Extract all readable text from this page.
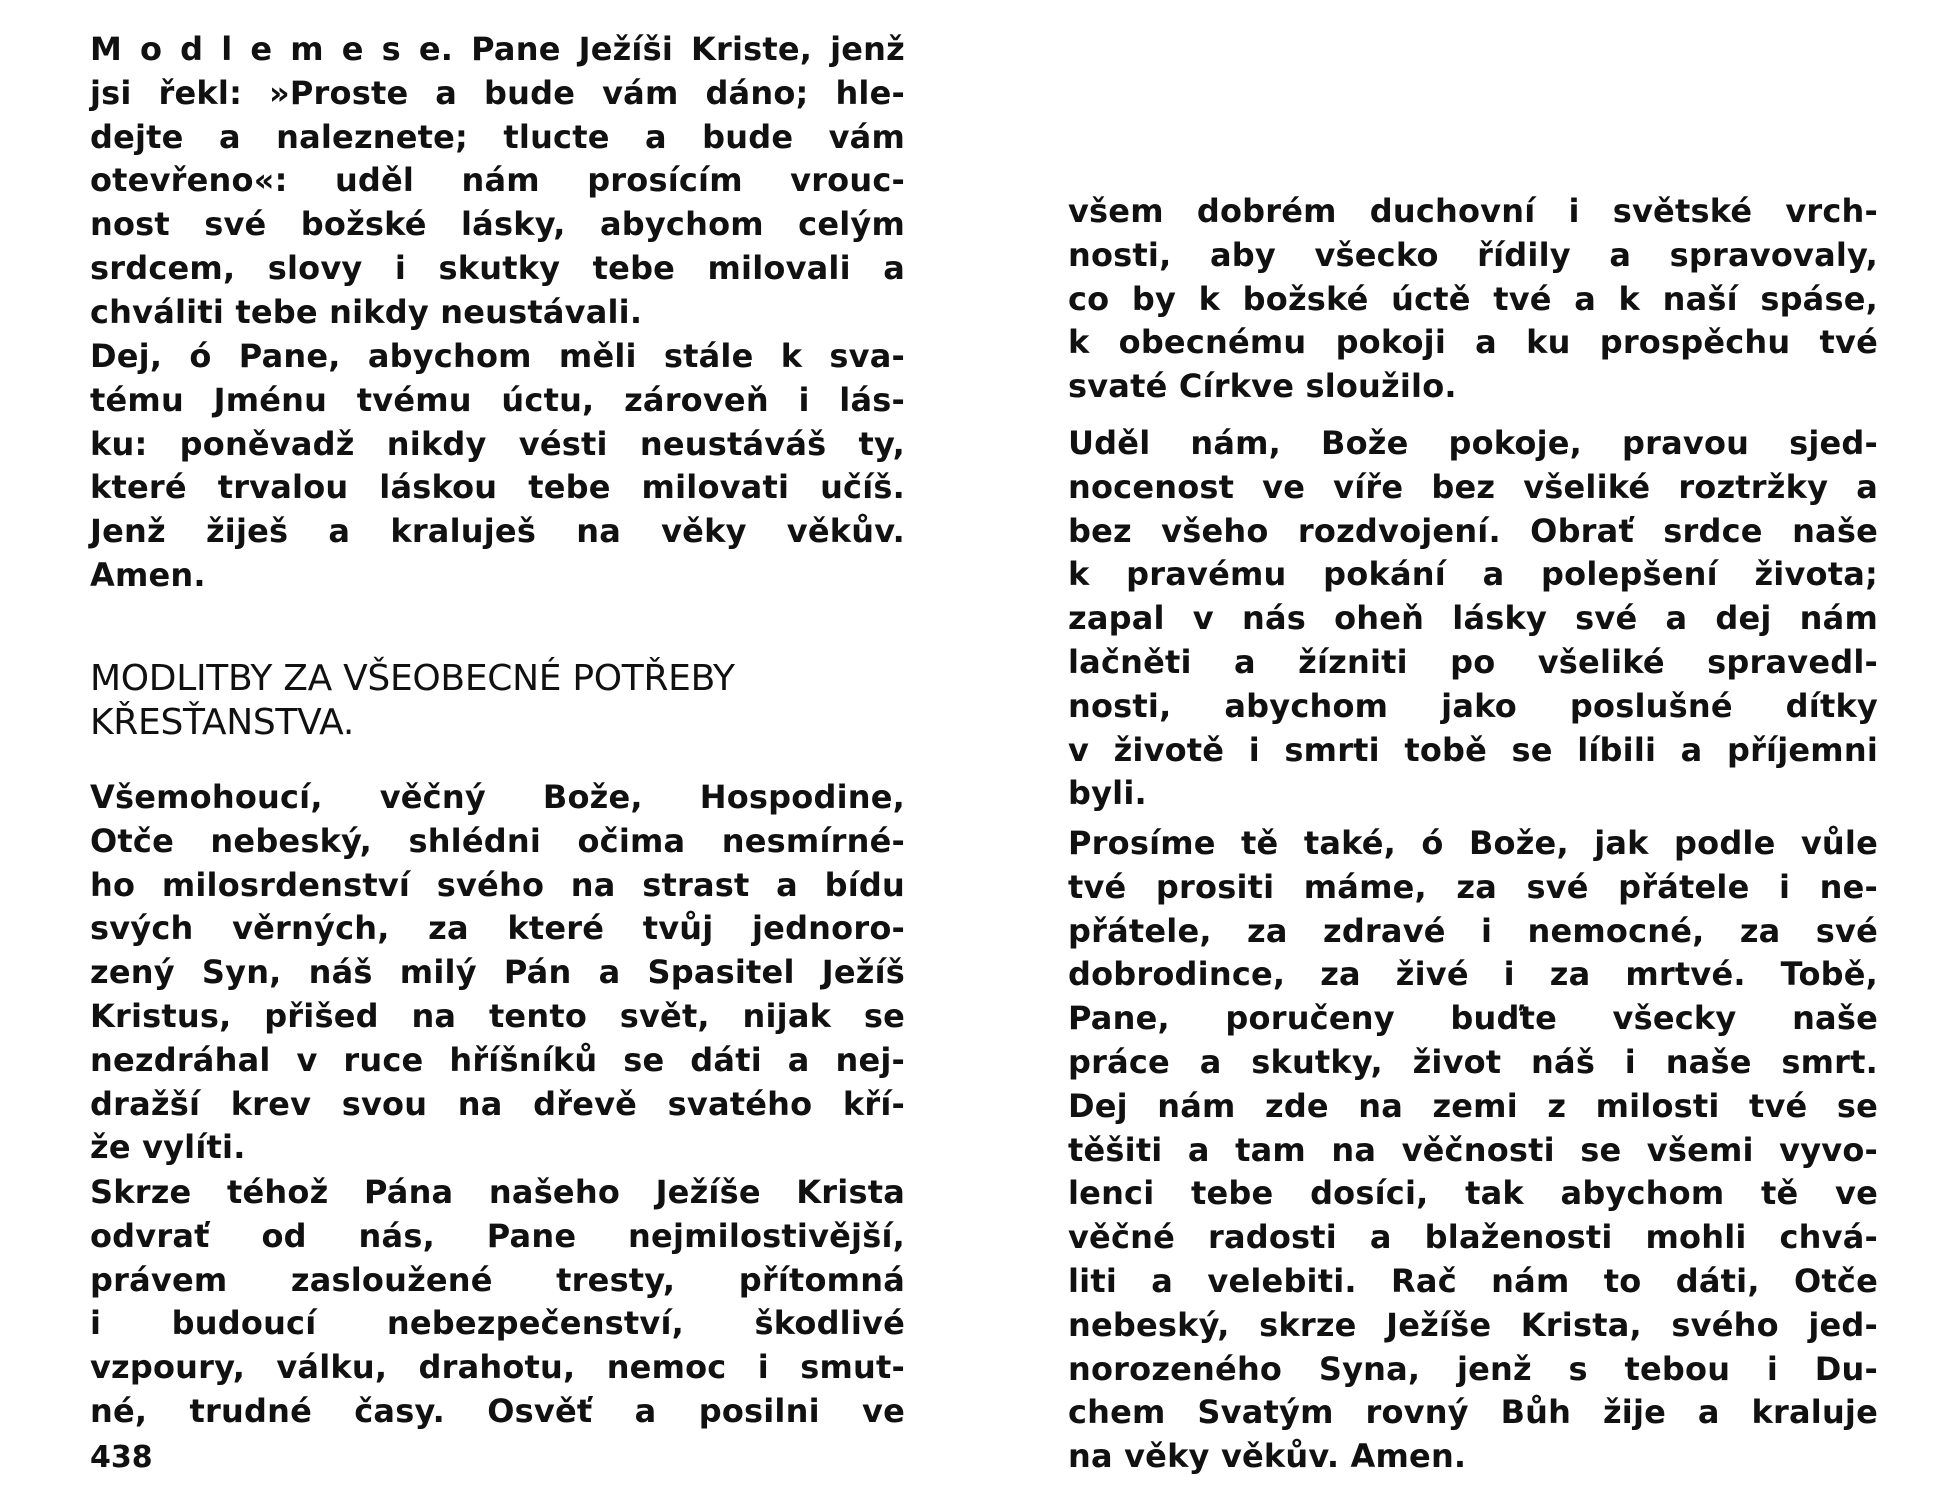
M o d l e m e s e. Pane Ježíši Kriste, jenž
jsi řekl: »Proste a bude vám dáno; hle-
dejte a naleznete; tlucte a bude vám
otevřeno«: uděl nám prosícím vrouc-
nost své božské lásky, abychom celým
srdcem, slovy i skutky tebe milovali a
chváliti tebe nikdy neustávali.
Dej, ó Pane, abychom měli stále k sva-
tému Jménu tvému úctu, zároveň i lás-
ku: poněvadž nikdy vésti neustáváš ty,
které trvalou láskou tebe milovati učíš.
Jenž žiješ a kraluješ na věky věkův.
Amen.
MODLITBY ZA VŠEOBECNÉ POTŘEBY
KŘESŤANSTVA.
Všemohoucí, věčný Bože, Hospodine,
Otče nebeský, shlédni očima nesmírné-
ho milosrdenství svého na strast a bídu
svých věrných, za které tvůj jednoro-
zený Syn, náš milý Pán a Spasitel Ježíš
Kristus, přišed na tento svět, nijak se
nezdráhal v ruce hříšníků se dáti a nej-
dražší krev svou na dřevě svatého kří-
že vylíti.
Skrze téhož Pána našeho Ježíše Krista
odvrať od nás, Pane nejmilostivější,
právem zasloužené tresty, přítomná
i budoucí nebezpečenství, škodlivé
vzpoury, válku, drahotu, nemoc i smut-
né, trudné časy. Osvěť a posilni ve
438
všem dobrém duchovní i světské vrch-
nosti, aby všecko řídily a spravovaly,
co by k božské úctě tvé a k naší spáse,
k obecnému pokoji a ku prospěchu tvé
svaté Církve sloužilo.
Uděl nám, Bože pokoje, pravou sjed-
nocenost ve víře bez všeliké roztržky a
bez všeho rozdvojení. Obrať srdce naše
k pravému pokání a polepšení života;
zapal v nás oheň lásky své a dej nám
lačněti a žízniti po všeliké spravedl-
nosti, abychom jako poslušné dítky
v životě i smrti tobě se líbili a příjemni
byli.
Prosíme tě také, ó Bože, jak podle vůle
tvé prositi máme, za své přátele i ne-
přátele, za zdravé i nemocné, za své
dobrodince, za živé i za mrtvé. Tobě,
Pane, poručeny buďte všecky naše
práce a skutky, život náš i naše smrt.
Dej nám zde na zemi z milosti tvé se
těšiti a tam na věčnosti se všemi vyvo-
lenci tebe dosíci, tak abychom tě ve
věčné radosti a blaženosti mohli chvá-
liti a velebiti. Rač nám to dáti, Otče
nebeský, skrze Ježíše Krista, svého jed-
norozeného Syna, jenž s tebou i Du-
chem Svatým rovný Bůh žije a kraluje
na věky věkův. Amen.
